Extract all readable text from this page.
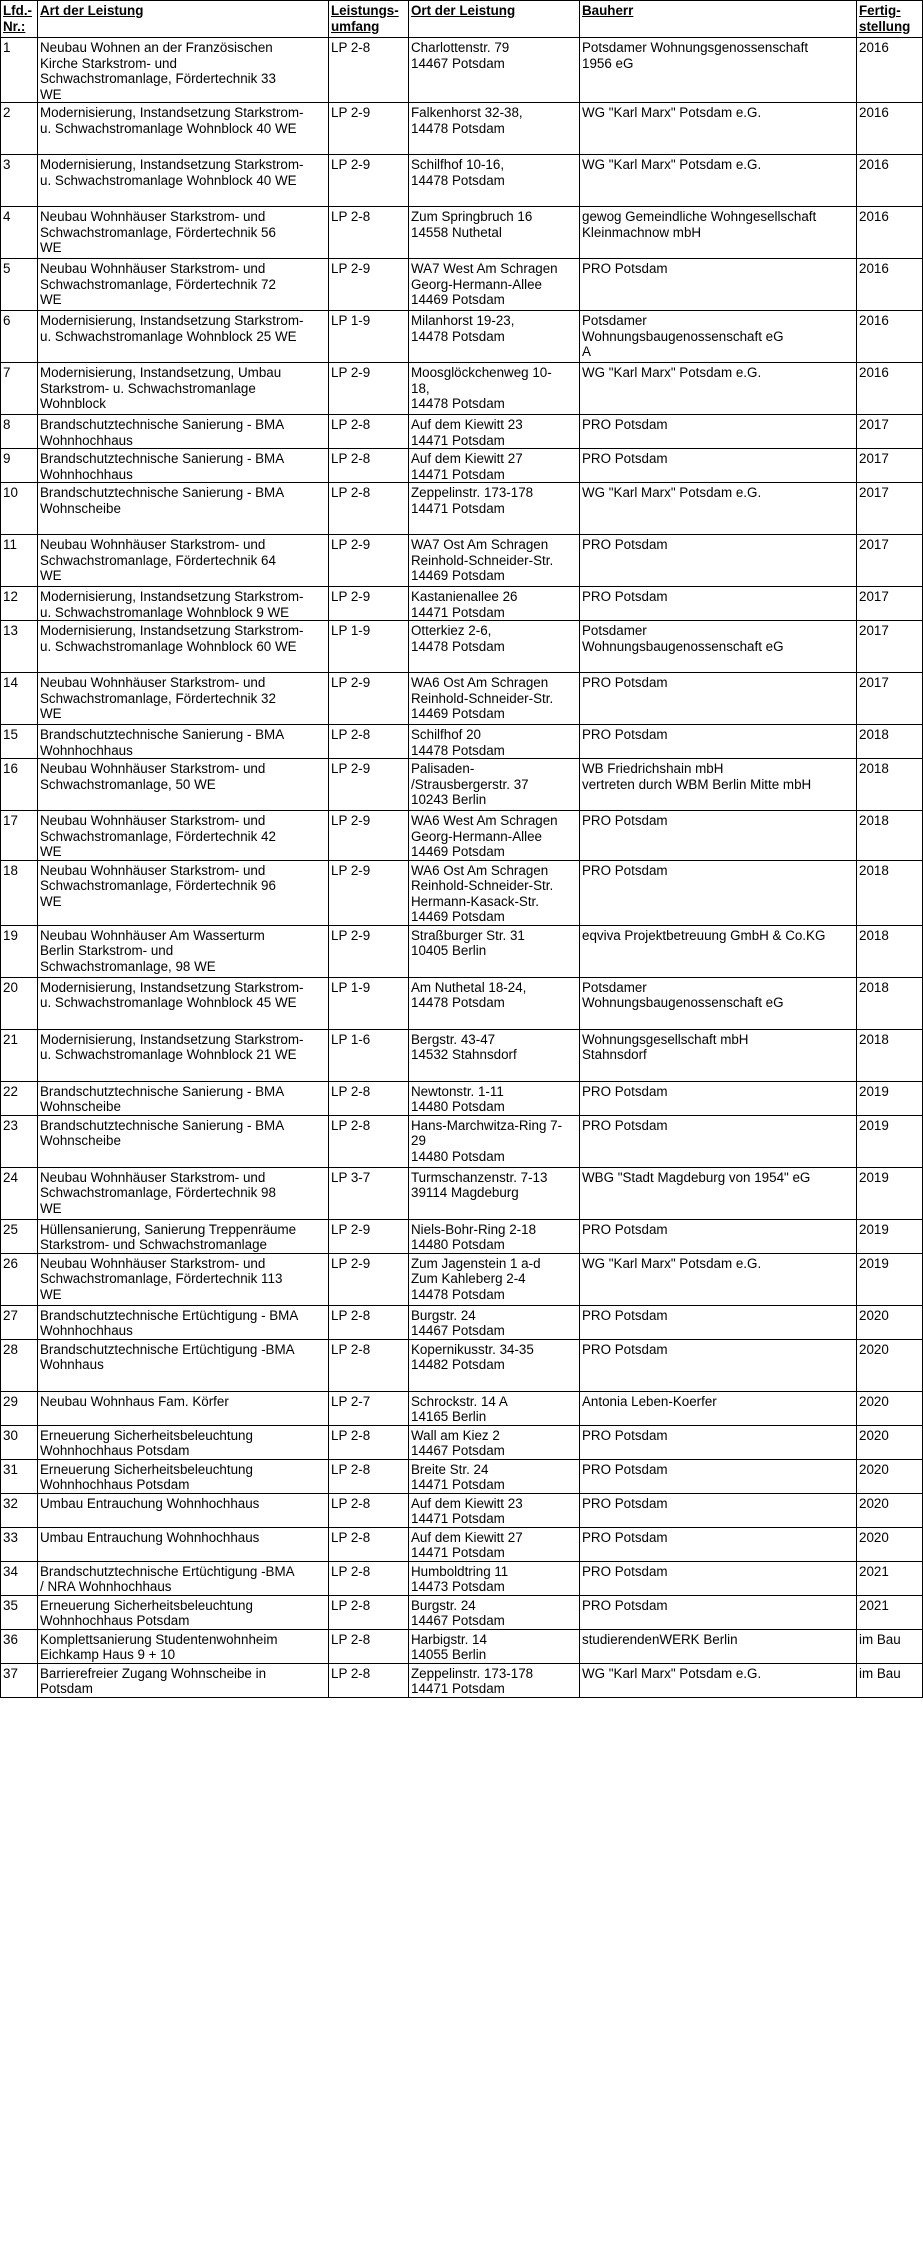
Lfd.-
Nr.:	Art der Leistung	Leistungs-
umfang	Ort der Leistung	Bauherr	Fertig-
stellung
1	Neubau Wohnen an der Französischen
Kirche Starkstrom- und
Schwachstromanlage, Fördertechnik 33
WE	LP 2-8	Charlottenstr. 79
14467 Potsdam	Potsdamer Wohnungsgenossenschaft
1956 eG	2016
2	Modernisierung, Instandsetzung Starkstrom-
u. Schwachstromanlage Wohnblock 40 WE	LP 2-9	Falkenhorst 32-38,
14478 Potsdam	WG "Karl Marx" Potsdam e.G.	2016
3	Modernisierung, Instandsetzung Starkstrom-
u. Schwachstromanlage Wohnblock 40 WE	LP 2-9	Schilfhof 10-16,
14478 Potsdam	WG "Karl Marx" Potsdam e.G.	2016
4	Neubau Wohnhäuser Starkstrom- und
Schwachstromanlage, Fördertechnik 56
WE	LP 2-8	Zum Springbruch 16
14558 Nuthetal	gewog Gemeindliche Wohngesellschaft
Kleinmachnow mbH	2016
5	Neubau Wohnhäuser Starkstrom- und
Schwachstromanlage, Fördertechnik 72
WE	LP 2-9	WA7 West Am Schragen
Georg-Hermann-Allee
14469 Potsdam	PRO Potsdam	2016
6	Modernisierung, Instandsetzung Starkstrom-
u. Schwachstromanlage Wohnblock 25 WE	LP 1-9	Milanhorst 19-23,
14478 Potsdam	Potsdamer
Wohnungsbaugenossenschaft eG
A	2016
7	Modernisierung, Instandsetzung, Umbau
Starkstrom- u. Schwachstromanlage
Wohnblock	LP 2-9	Moosglöckchenweg 10-
18,
14478 Potsdam	WG "Karl Marx" Potsdam e.G.	2016
8	Brandschutztechnische Sanierung - BMA
Wohnhochhaus	LP 2-8	Auf dem Kiewitt 23
14471 Potsdam	PRO Potsdam	2017
9	Brandschutztechnische Sanierung - BMA
Wohnhochhaus	LP 2-8	Auf dem Kiewitt 27
14471 Potsdam	PRO Potsdam	2017
10	Brandschutztechnische Sanierung - BMA
Wohnscheibe	LP 2-8	Zeppelinstr. 173-178
14471 Potsdam	WG "Karl Marx" Potsdam e.G.	2017
11	Neubau Wohnhäuser Starkstrom- und
Schwachstromanlage, Fördertechnik 64
WE	LP 2-9	WA7 Ost Am Schragen
Reinhold-Schneider-Str.
14469 Potsdam	PRO Potsdam	2017
12	Modernisierung, Instandsetzung Starkstrom-
u. Schwachstromanlage Wohnblock 9 WE	LP 2-9	Kastanienallee 26
14471 Potsdam	PRO Potsdam	2017
13	Modernisierung, Instandsetzung Starkstrom-
u. Schwachstromanlage Wohnblock 60 WE	LP 1-9	Otterkiez 2-6,
14478 Potsdam	Potsdamer
Wohnungsbaugenossenschaft eG	2017
14	Neubau Wohnhäuser Starkstrom- und
Schwachstromanlage, Fördertechnik 32
WE	LP 2-9	WA6 Ost Am Schragen
Reinhold-Schneider-Str.
14469 Potsdam	PRO Potsdam	2017
15	Brandschutztechnische Sanierung - BMA
Wohnhochhaus	LP 2-8	Schilfhof 20
14478 Potsdam	PRO Potsdam	2018
16	Neubau Wohnhäuser Starkstrom- und
Schwachstromanlage, 50 WE	LP 2-9	Palisaden-
/Strausbergerstr. 37
10243 Berlin	WB Friedrichshain mbH
vertreten durch WBM Berlin Mitte mbH	2018
17	Neubau Wohnhäuser Starkstrom- und
Schwachstromanlage, Fördertechnik 42
WE	LP 2-9	WA6 West Am Schragen
Georg-Hermann-Allee
14469 Potsdam	PRO Potsdam	2018
18	Neubau Wohnhäuser Starkstrom- und
Schwachstromanlage, Fördertechnik 96
WE	LP 2-9	WA6 Ost Am Schragen
Reinhold-Schneider-Str.
Hermann-Kasack-Str.
14469 Potsdam	PRO Potsdam	2018
19	Neubau Wohnhäuser Am Wasserturm
Berlin Starkstrom- und
Schwachstromanlage, 98 WE	LP 2-9	Straßburger Str. 31
10405 Berlin	eqviva Projektbetreuung GmbH & Co.KG	2018
20	Modernisierung, Instandsetzung Starkstrom-
u. Schwachstromanlage Wohnblock 45 WE	LP 1-9	Am Nuthetal 18-24,
14478 Potsdam	Potsdamer
Wohnungsbaugenossenschaft eG	2018
21	Modernisierung, Instandsetzung Starkstrom-
u. Schwachstromanlage Wohnblock 21 WE	LP 1-6	Bergstr. 43-47
14532 Stahnsdorf	Wohnungsgesellschaft mbH
Stahnsdorf	2018
22	Brandschutztechnische Sanierung - BMA
Wohnscheibe	LP 2-8	Newtonstr. 1-11
14480 Potsdam	PRO Potsdam	2019
23	Brandschutztechnische Sanierung - BMA
Wohnscheibe	LP 2-8	Hans-Marchwitza-Ring 7-
29
14480 Potsdam	PRO Potsdam	2019
24	Neubau Wohnhäuser Starkstrom- und
Schwachstromanlage, Fördertechnik 98
WE	LP 3-7	Turmschanzenstr. 7-13
39114 Magdeburg	WBG "Stadt Magdeburg von 1954" eG	2019
25	Hüllensanierung, Sanierung Treppenräume
Starkstrom- und Schwachstromanlage	LP 2-9	Niels-Bohr-Ring 2-18
14480 Potsdam	PRO Potsdam	2019
26	Neubau Wohnhäuser Starkstrom- und
Schwachstromanlage, Fördertechnik 113
WE	LP 2-9	Zum Jagenstein 1 a-d
Zum Kahleberg 2-4
14478 Potsdam	WG "Karl Marx" Potsdam e.G.	2019
27	Brandschutztechnische Ertüchtigung - BMA
Wohnhochhaus	LP 2-8	Burgstr. 24
14467 Potsdam	PRO Potsdam	2020
28	Brandschutztechnische Ertüchtigung -BMA
Wohnhaus	LP 2-8	Kopernikusstr. 34-35
14482 Potsdam	PRO Potsdam	2020
29	Neubau Wohnhaus Fam. Körfer	LP 2-7	Schrockstr. 14 A
14165 Berlin	Antonia Leben-Koerfer	2020
30	Erneuerung Sicherheitsbeleuchtung
Wohnhochhaus Potsdam	LP 2-8	Wall am Kiez 2
14467 Potsdam	PRO Potsdam	2020
31	Erneuerung Sicherheitsbeleuchtung
Wohnhochhaus Potsdam	LP 2-8	Breite Str. 24
14471 Potsdam	PRO Potsdam	2020
32	Umbau Entrauchung Wohnhochhaus	LP 2-8	Auf dem Kiewitt 23
14471 Potsdam	PRO Potsdam	2020
33	Umbau Entrauchung Wohnhochhaus	LP 2-8	Auf dem Kiewitt 27
14471 Potsdam	PRO Potsdam	2020
34	Brandschutztechnische Ertüchtigung -BMA
/ NRA Wohnhochhaus	LP 2-8	Humboldtring 11
14473 Potsdam	PRO Potsdam	2021
35	Erneuerung Sicherheitsbeleuchtung
Wohnhochhaus Potsdam	LP 2-8	Burgstr. 24
14467 Potsdam	PRO Potsdam	2021
36	Komplettsanierung Studentenwohnheim
Eichkamp Haus 9 + 10	LP 2-8	Harbigstr. 14
14055 Berlin	studierendenWERK Berlin	im Bau
37	Barrierefreier Zugang Wohnscheibe in
Potsdam	LP 2-8	Zeppelinstr. 173-178
14471 Potsdam	WG "Karl Marx" Potsdam e.G.	im Bau
